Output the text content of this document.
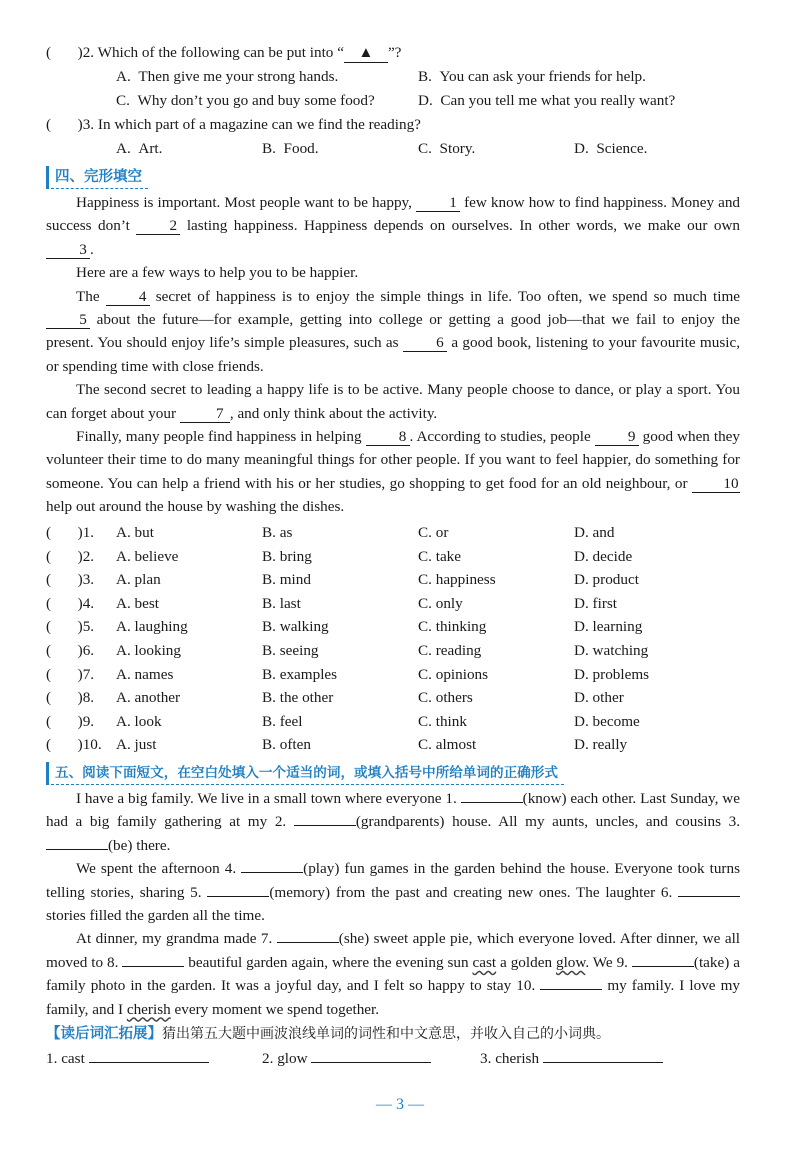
(       )2. Which of the following can be put into “ ▲ ”?
A. Then give me your strong hands.	B. You can ask your friends for help.
C. Why don’t you go and buy some food?	D. Can you tell me what you really want?
(       )3. In which part of a magazine can we find the reading?
A. Art.	B. Food.	C. Story.	D. Science.
四、完形填空

Happiness is important. Most people want to be happy, 1 few know how to find happiness. Money and success don’t	2 lasting happiness. Happiness depends on ourselves. In other words, we make our own 3 .

Here are a few ways to help you to be happier.

The	4 secret of happiness is to enjoy the simple things in life. Too often, we spend so much time 5 about the future—for example, getting into college or getting a good job—that we fail to enjoy the present. You should enjoy life’s simple pleasures, such as 6 a good book, listening to your favourite music, or spending time with close friends.

The second secret to leading a happy life is to be active. Many people choose to dance, or play a sport. You can forget about your	7 , and only think about the activity.

Finally, many people find happiness in helping 8 . According to studies, people 9 good when they volunteer their time to do many meaningful things for other people. If you want to feel happier, do something for someone. You can help a friend with his or her studies, go shopping to get food for an old neighbour, or 10 help out around the house by washing the dishes.

(       )1. A. but	B. as	C. or	D. and
(       )2. A. believe	B. bring	C. take	D. decide
(       )3. A. plan	B. mind	C. happiness	D. product
(       )4. A. best	B. last	C. only	D. first
(       )5. A. laughing	B. walking	C. thinking	D. learning
(       )6. A. looking	B. seeing	C. reading	D. watching
(       )7. A. names	B. examples	C. opinions	D. problems
(       )8. A. another	B. the other	C. others	D. other
(       )9. A. look	B. feel	C. think	D. become
(       )10. A. just	B. often	C. almost	D. really
五、阅读下面短文，在空白处填入一个适当的词，或填入括号中所给单词的正确形式

I have a big family. We live in a small town where everyone 1.	(know) each other. Last Sunday, we had a big family gathering at my 2.	(grandparents) house. All my aunts, uncles, and cousins 3. (be) there.

We spent the afternoon 4.	(play) fun games in the garden behind the house. Everyone took turns telling stories, sharing 5.	(memory) from the past and creating new ones. The laughter 6.  stories filled the garden all the time.

At dinner, my grandma made 7.	(she) sweet apple pie, which everyone loved. After dinner, we all moved to 8.	beautiful garden again, where the evening sun cast a golden glow. We 9.	(take) a family photo in the garden. It was a joyful day, and I felt so happy to stay 10.	my family. I love my family, and I cherish every moment we spend together.

【读后词汇拓展】猜出第五大题中画波浪线单词的词性和中文意思，并收入自己的小词典。
1. cast	2. glow	3. cherish
— 3 —
